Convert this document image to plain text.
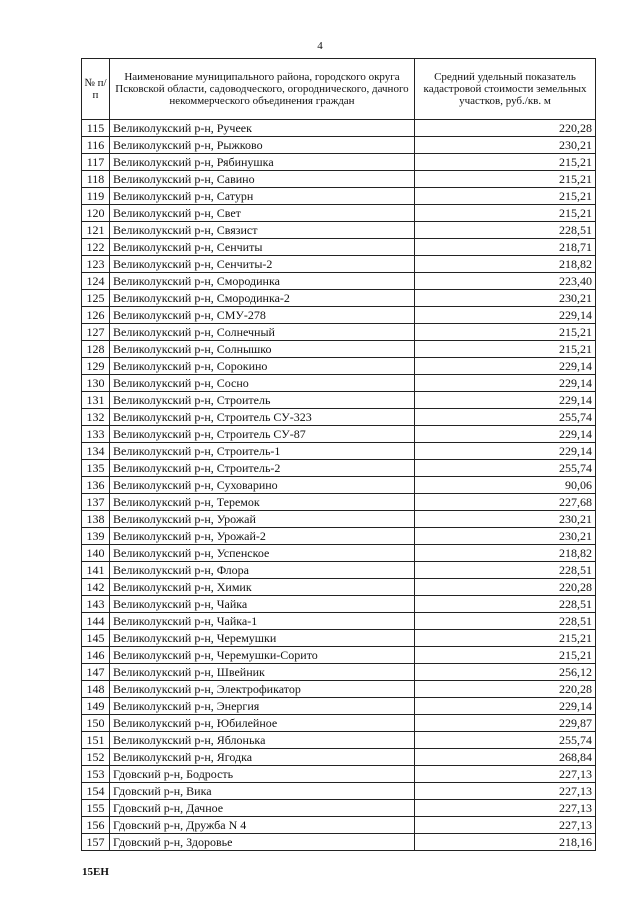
4
№ п/п	Наименование муниципального района, городского округа Псковской области, садоводческого, огороднического, дачного некоммерческого объединения граждан	Средний удельный показатель кадастровой стоимости земельных участков, руб./кв. м
115	Великолукский р-н, Ручеек	220,28
116	Великолукский р-н, Рыжково	230,21
117	Великолукский р-н, Рябинушка	215,21
118	Великолукский р-н, Савино	215,21
119	Великолукский р-н, Сатурн	215,21
120	Великолукский р-н, Свет	215,21
121	Великолукский р-н, Связист	228,51
122	Великолукский р-н, Сенчиты	218,71
123	Великолукский р-н, Сенчиты-2	218,82
124	Великолукский р-н, Смородинка	223,40
125	Великолукский р-н, Смородинка-2	230,21
126	Великолукский р-н, СМУ-278	229,14
127	Великолукский р-н, Солнечный	215,21
128	Великолукский р-н, Солнышко	215,21
129	Великолукский р-н, Сорокино	229,14
130	Великолукский р-н, Сосно	229,14
131	Великолукский р-н, Строитель	229,14
132	Великолукский р-н, Строитель СУ-323	255,74
133	Великолукский р-н, Строитель СУ-87	229,14
134	Великолукский р-н, Строитель-1	229,14
135	Великолукский р-н, Строитель-2	255,74
136	Великолукский р-н, Суховарино	90,06
137	Великолукский р-н, Теремок	227,68
138	Великолукский р-н, Урожай	230,21
139	Великолукский р-н, Урожай-2	230,21
140	Великолукский р-н, Успенское	218,82
141	Великолукский р-н, Флора	228,51
142	Великолукский р-н, Химик	220,28
143	Великолукский р-н, Чайка	228,51
144	Великолукский р-н, Чайка-1	228,51
145	Великолукский р-н, Черемушки	215,21
146	Великолукский р-н, Черемушки-Сорито	215,21
147	Великолукский р-н, Швейник	256,12
148	Великолукский р-н, Электрофикатор	220,28
149	Великолукский р-н, Энергия	229,14
150	Великолукский р-н, Юбилейное	229,87
151	Великолукский р-н, Яблонька	255,74
152	Великолукский р-н, Ягодка	268,84
153	Гдовский р-н, Бодрость	227,13
154	Гдовский р-н, Вика	227,13
155	Гдовский р-н, Дачное	227,13
156	Гдовский р-н, Дружба N 4	227,13
157	Гдовский р-н, Здоровье	218,16
15ЕН
